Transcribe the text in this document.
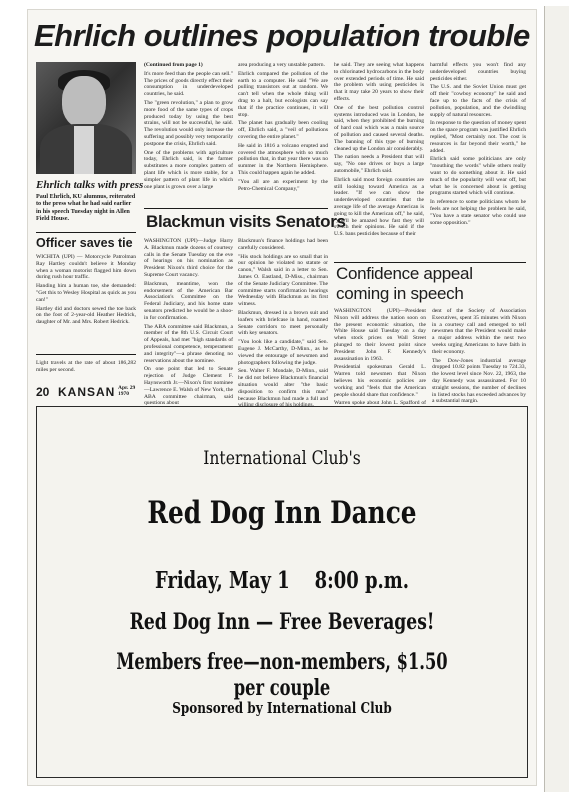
Ehrlich outlines population trouble
Ehrlich talks with press
Paul Ehrlich, KU alumnus, reiterated to the press what he had said earlier in his speech Tuesday night in Allen Field House.

(Continued from page 1)

It's more feed than the people can sell." The prices of goods directly effect their consumption in underdeveloped countries, he said.

The "green revolution," a plan to grow more food of the same types of crops produced today by using the best strains, will not be successful, he said. The revolution would only increase the suffering and possibly very temporarily postpone the crisis, Ehrlich said.

One of the problems with agriculture today, Ehrlich said, is the farmer substitutes a more complex pattern of plant life which is more stable, for a simpler pattern of plant life in which one plant is grown over a large

area producing a very unstable pattern.

Ehrlich compared the pollution of the earth to a computer. He said "We are pulling transistors out at random. We can't tell when the whole thing will drag to a halt, but ecologists can say that if the practice continues, it will stop.

The planet has gradually been cooling off, Ehrlich said, a "veil of pollutions covering the entire planet."

He said in 1816 a volcano erupted and covered the atmosphere with so much pollution that, in that year there was no summer in the Northern Hemisphere. This could happen again he added.

"You all are an experiment by the Petro-Chemical Company,"

he said. They are seeing what happens to chlorinated hydrocarbons in the body over extended periods of time. He said the problem with using pesticides is that it may take 20 years to show their effects.

One of the best pollution control systems introduced was in London, he said, when they prohibited the burning of hard coal which was a main source of pollution and caused several deaths. The banning of this type of burning cleaned up the London air considerably.

The nation needs a President that will say, "No one drives or buys a large automobile," Ehrlich said.

Ehrlich said most foreign countries are still looking toward America as a leader. "If we can show the underdeveloped countries that the average life of the average American is going to kill the American off," he said, "you'll be amazed how fast they will switch their opinions. He said if the U.S. bans pesticides because of their

harmful effects you won't find any underdeveloped countries buying pesticides either.

The U.S. and the Soviet Union must get off their "cowboy economy" he said and face up to the facts of the crisis of pollution, population, and the dwindling supply of natural resources.

In response to the question of money spent on the space program was justified Ehrlich replied, "Most certainly not. The cost is resources is far beyond their worth," he added.

Ehrlich said some politicians are only "mouthing the words" while others really want to do something about it. He said much of the popularity will wear off, but what he is concerned about is getting programs started which will continue.

In reference to some politicians whom he feels are not helping the problem he said, "You have a state senator who could use some opposition."

Blackmun visits Senators

WASHINGTON (UPI)—Judge Harry A. Blackmun made dozens of courtesy calls in the Senate Tuesday on the eve of hearings on his nomination as President Nixon's third choice for the Supreme Court vacancy.

Blackmun, meantime, won the endorsement of the American Bar Association's Committee on the Federal Judiciary, and his home state senators predicted he would be a shoo-in for confirmation.

The ABA committee said Blackmun, a member of the 8th U.S. Circuit Court of Appeals, had met "high standards of professional competence, temperament and integrity"—a phrase denoting no reservations about the nominee.

On one point that led to Senate rejection of Judge Clement F. Haynsworth Jr.—Nixon's first nominee—Lawrence E. Walsh of New York, the ABA committee chairman, said questions about

Blackmun's finance holdings had been carefully considered.

"His stock holdings are so small that in our opinion he violated no statute or canon," Walsh said in a letter to Sen. James O. Eastland, D-Miss., chairman of the Senate Judiciary Committee. The committee starts confirmation hearings Wednesday with Blackmun as its first witness.

Blackmun, dressed in a brown suit and loafers with briefcase in hand, roamed Senate corridors to meet personally with key senators.

"You look like a candidate," said Sen. Eugene J. McCarthy, D-Minn., as he viewed the entourage of newsmen and photographers following the judge.

Sen. Walter F. Mondale, D-Minn., said he did not believe Blackmun's financial situation would alter "the basic disposition to confirm this man" because Blackmun had made a full and

Officer saves tie

WICHITA (UPI) — Motorcycle Patrolman Ray Hartley couldn't believe it Monday when a woman motorist flagged him down during rush hour traffic.

Handing him a human toe, she demanded: "Get this to Wesley Hospital as quick as you can!"

Hartley did and doctors sewed the toe back on the foot of 2-year-old Heather Hedrick, daughter of Mr. and Mrs. Robert Hedrick.

Light travels at the rate of about 186,282 miles per second.

Confidence appeal
coming in speech

WASHINGTON (UPI)—President Nixon will address the nation soon on the present economic situation, the White House said Tuesday on a day when stock prices on Wall Street plunged to their lowest point since President John F. Kennedy's assassination in 1963.

Presidential spokesman Gerald L. Warren told newsmen that Nixon believes his economic policies are working and "feels that the American people should share that confidence."

Warren spoke about John L. Spafford of

dent of the Society of Association Executives, spent 35 minutes with Nixon in a courtesy call and emerged to tell newsmen that the President would make a major address within the next two weeks urging Americans to have faith in their economy.

The Dow-Jones industrial average dropped 10.82 points Tuesday to 724.33, the lowest level since Nov. 22, 1963, the day Kennedy was assassinated. For 10 straight sessions, the number of declines in listed stocks has exceeded advances by a substantial margin.

20 KANSAN Apr. 29
1970
International Club's
Red Dog Inn Dance
Friday, May 1    8:00 p.m.
Red Dog Inn — Free Beverages!
Members free—non-members, $1.50 per couple
Sponsored by International Club
